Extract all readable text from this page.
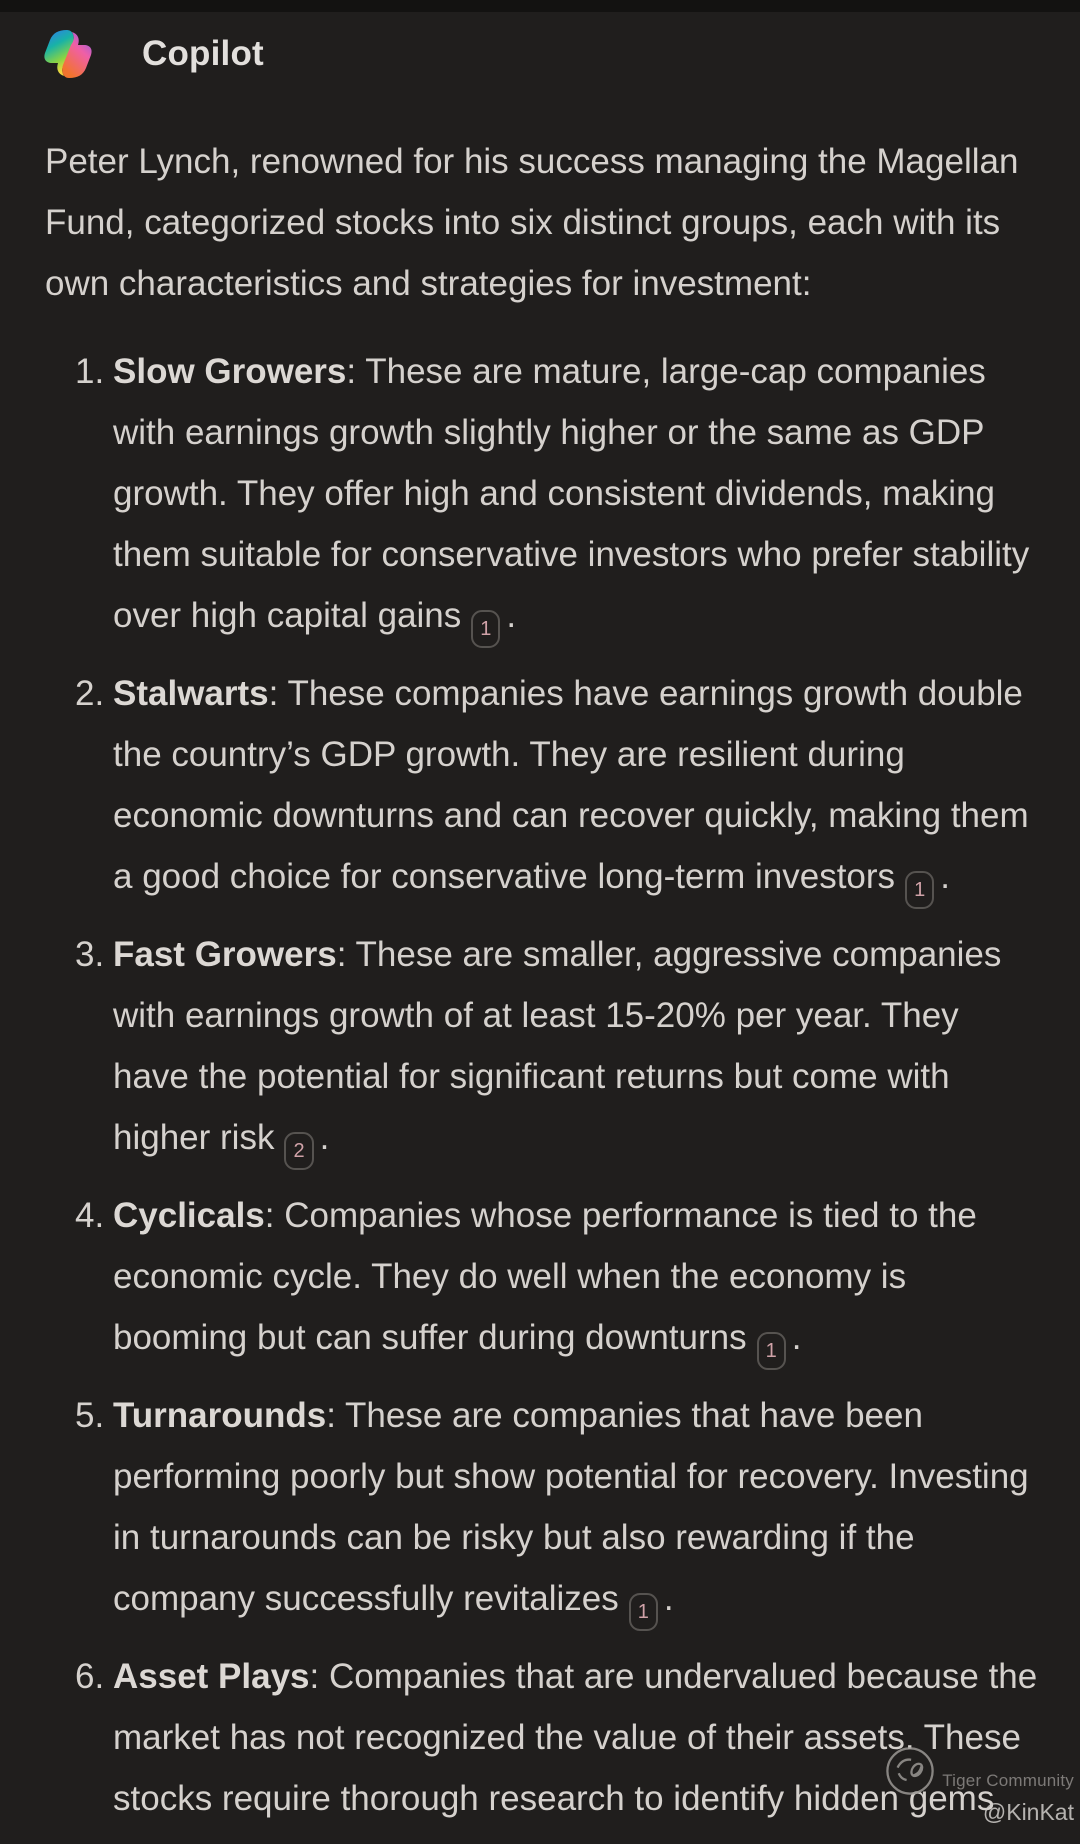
Copilot

Peter Lynch, renowned for his success managing the Magellan Fund, categorized stocks into six distinct groups, each with its own characteristics and strategies for investment:

1. Slow Growers: These are mature, large-cap companies with earnings growth slightly higher or the same as GDP growth. They offer high and consistent dividends, making them suitable for conservative investors who prefer stability over high capital gains 1 .
2. Stalwarts: These companies have earnings growth double the country’s GDP growth. They are resilient during economic downturns and can recover quickly, making them a good choice for conservative long-term investors 1 .
3. Fast Growers: These are smaller, aggressive companies with earnings growth of at least 15-20% per year. They have the potential for significant returns but come with higher risk 2 .
4. Cyclicals: Companies whose performance is tied to the economic cycle. They do well when the economy is booming but can suffer during downturns 1 .
5. Turnarounds: These are companies that have been performing poorly but show potential for recovery. Investing in turnarounds can be risky but also rewarding if the company successfully revitalizes 1 .
6. Asset Plays: Companies that are undervalued because the market has not recognized the value of their assets. These stocks require thorough research to identify hidden gems
Tiger Community
@KinKat
